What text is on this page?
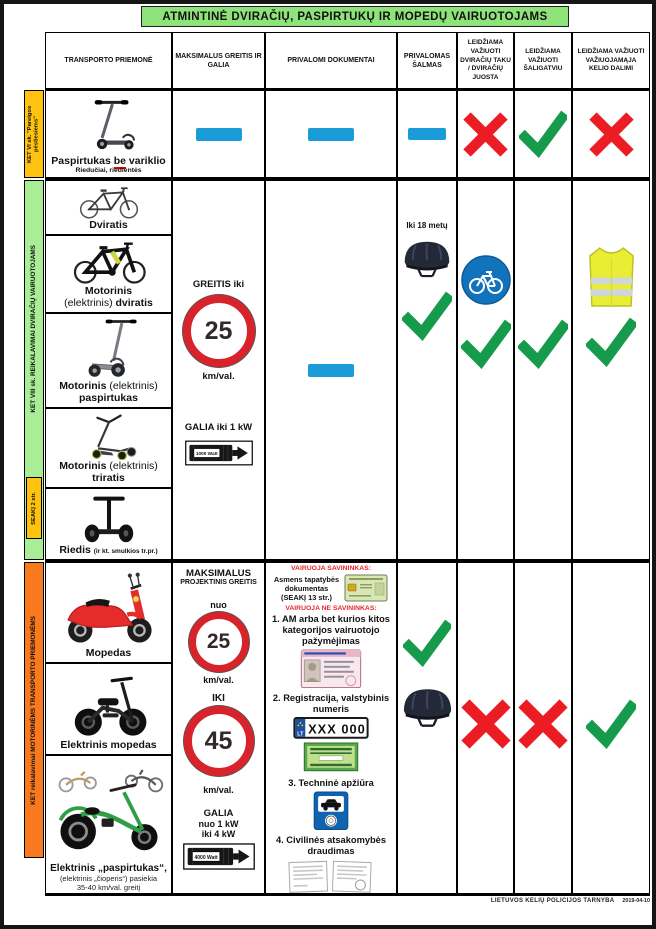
ATMINTINĖ DVIRAČIŲ, PASPIRTUKŲ IR MOPEDŲ VAIRUOTOJAMS
TRANSPORTO PRIEMONĖ
MAKSIMALUS GREITIS IR GALIA
PRIVALOMI DOKUMENTAI
PRIVALOMAS ŠALMAS
LEIDŽIAMA VAŽIUOTI DVIRAČIŲ TAKU / DVIRAČIŲ JUOSTA
LEIDŽIAMA VAŽIUOTI ŠALIGATVIU
LEIDŽIAMA VAŽIUOTI VAŽIUOJAMĄJA KELIO DALIMI
KET VI sk. "Pareigos pėstiesiems"
KET VIII sk. REIKALAVIMAI DVIRAČIŲ VAIRUOTOJAMS
SEAKĮ 2 str.
KET reikalavimai MOTORINĖMS TRANSPORTO PRIEMONĖMS
Paspirtukas be variklio
Riedučiai, riedlentės
Dviratis
Motorinis
(elektrinis) dviratis
Motorinis (elektrinis)
paspirtukas
Motorinis (elektrinis)
triratis
Riedis (ir kt. smulkios tr.pr.)
GREITIS iki
25
km/val.
GALIA iki 1 kW
1000 Watt
Iki 18 metų
Mopedas
Elektrinis mopedas
Elektrinis „paspirtukas“,
(elektrinis „čioperis“) pasiekia
35-40 km/val. greitį
MAKSIMALUS
PROJEKTINIS GREITIS
nuo
25
km/val.
IKI
45
km/val.
GALIA
nuo 1 kW
iki 4 kW
4000 Watt
VAIRUOJA SAVININKAS:
Asmens tapatybės
dokumentas
(SEAKĮ 13 str.)
VAIRUOJA NE SAVININKAS:
1. AM arba bet kurios kitos kategorijos vairuotojo pažymėjimas
2. Registracija, valstybinis numeris
LT XXX 000
3. Techninė apžiūra
4. Civilinės atsakomybės draudimas
LIETUVOS KELIŲ POLICIJOS TARNYBA 2019-04-10
